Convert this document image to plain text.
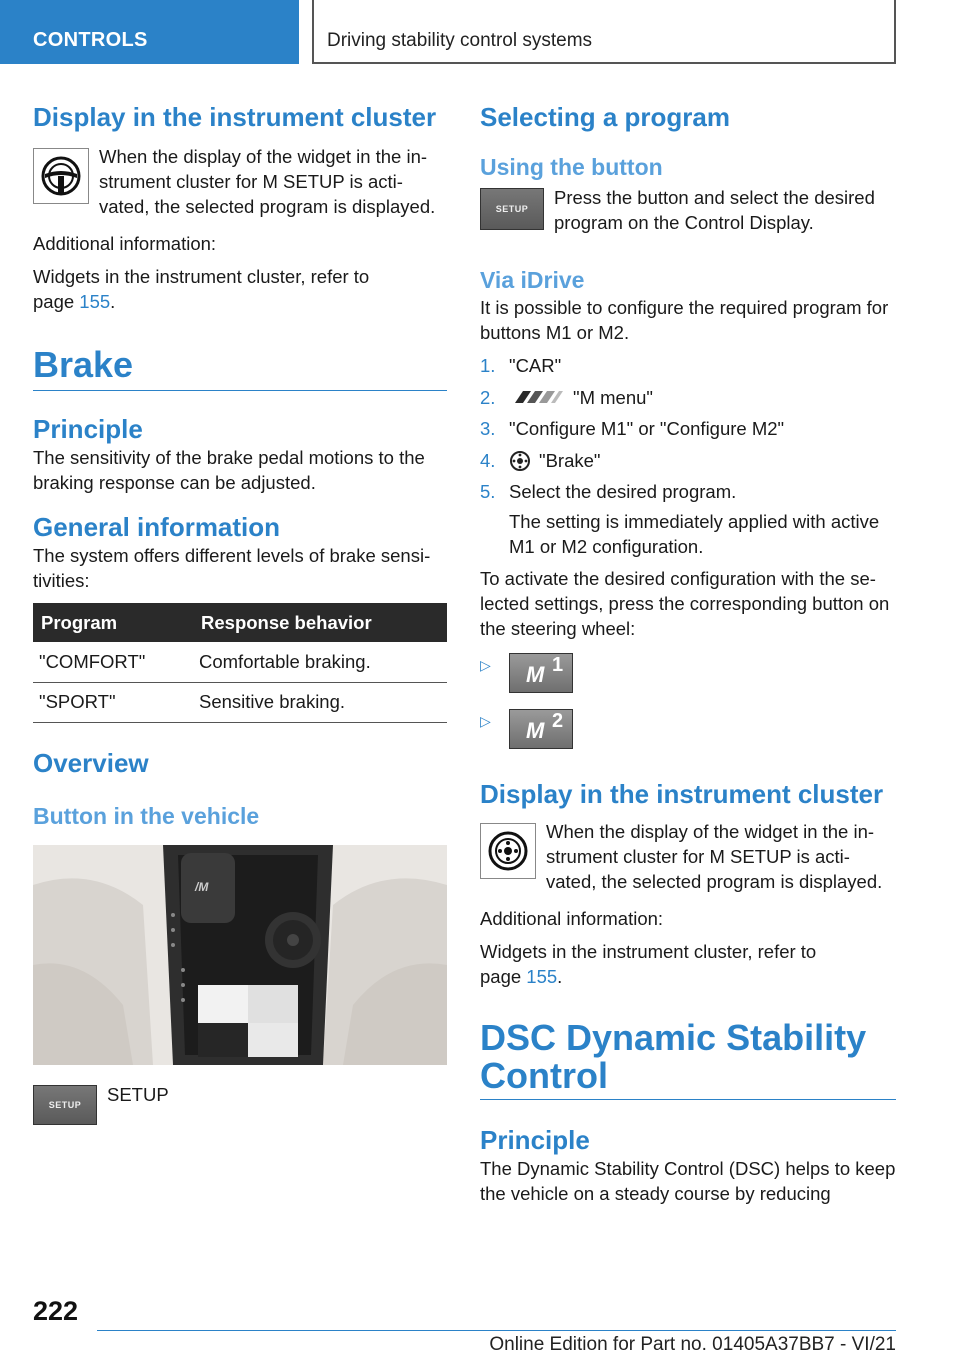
CONTROLS	Driving stability control systems
Display in the instrument cluster
When the display of the widget in the in-strument cluster for M SETUP is acti-vated, the selected program is displayed.
Additional information:
Widgets in the instrument cluster, refer to page 155.
Brake
Principle
The sensitivity of the brake pedal motions to the braking response can be adjusted.
General information
The system offers different levels of brake sensi-tivities:
Program	Response behavior
"COMFORT"	Comfortable braking.
"SPORT"	Sensitive braking.
Overview
Button in the vehicle
/M
SETUP SETUP
Selecting a program
Using the button
SETUP
Press the button and select the desired program on the Control Display.
Via iDrive
It is possible to configure the required program for buttons M1 or M2.
1. "CAR"
2.	"M menu"
3. "Configure M1" or "Configure M2"
4.	"Brake"
5. Select the desired program.
The setting is immediately applied with active M1 or M2 configuration.
To activate the desired configuration with the se-lected settings, press the corresponding button on the steering wheel:
▷	M 1
▷	M 2
Display in the instrument cluster
When the display of the widget in the in-strument cluster for M SETUP is acti-vated, the selected program is displayed.
Additional information:
Widgets in the instrument cluster, refer to page 155.
DSC Dynamic Stability Control
Principle
The Dynamic Stability Control (DSC) helps to keep the vehicle on a steady course by reducing
222
Online Edition for Part no. 01405A37BB7 - VI/21
